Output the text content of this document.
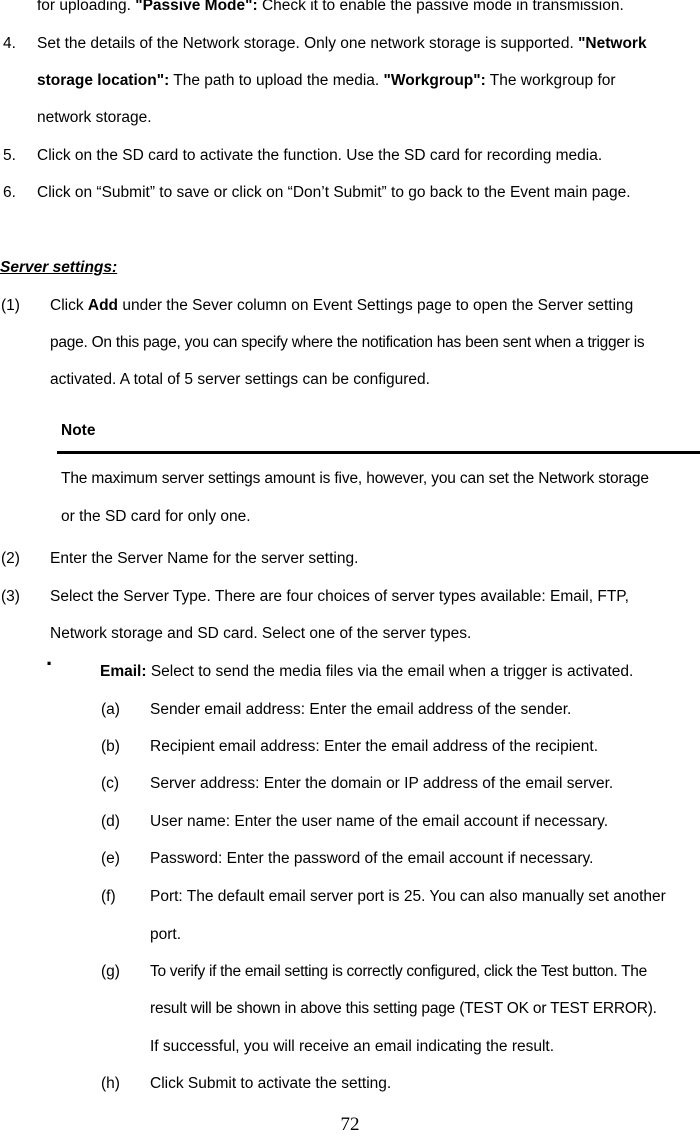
for uploading. "Passive Mode": Check it to enable the passive mode in transmission.
4. Set the details of the Network storage. Only one network storage is supported. "Network
storage location": The path to upload the media. "Workgroup": The workgroup for
network storage.
5. Click on the SD card to activate the function. Use the SD card for recording media.
6. Click on “Submit” to save or click on “Don’t Submit” to go back to the Event main page.
Server settings:
(1) Click Add under the Sever column on Event Settings page to open the Server setting
page. On this page, you can specify where the notification has been sent when a trigger is
activated. A total of 5 server settings can be configured.
Note
The maximum server settings amount is five, however, you can set the Network storage
or the SD card for only one.
(2) Enter the Server Name for the server setting.
(3) Select the Server Type. There are four choices of server types available: Email, FTP,
Network storage and SD card. Select one of the server types.
·	Email: Select to send the media files via the email when a trigger is activated.
(a) Sender email address: Enter the email address of the sender.
(b) Recipient email address: Enter the email address of the recipient.
(c) Server address: Enter the domain or IP address of the email server.
(d) User name: Enter the user name of the email account if necessary.
(e) Password: Enter the password of the email account if necessary.
(f) Port: The default email server port is 25. You can also manually set another
port.
(g) To verify if the email setting is correctly configured, click the Test button. The
result will be shown in above this setting page (TEST OK or TEST ERROR).
If successful, you will receive an email indicating the result.
(h) Click Submit to activate the setting.
72
